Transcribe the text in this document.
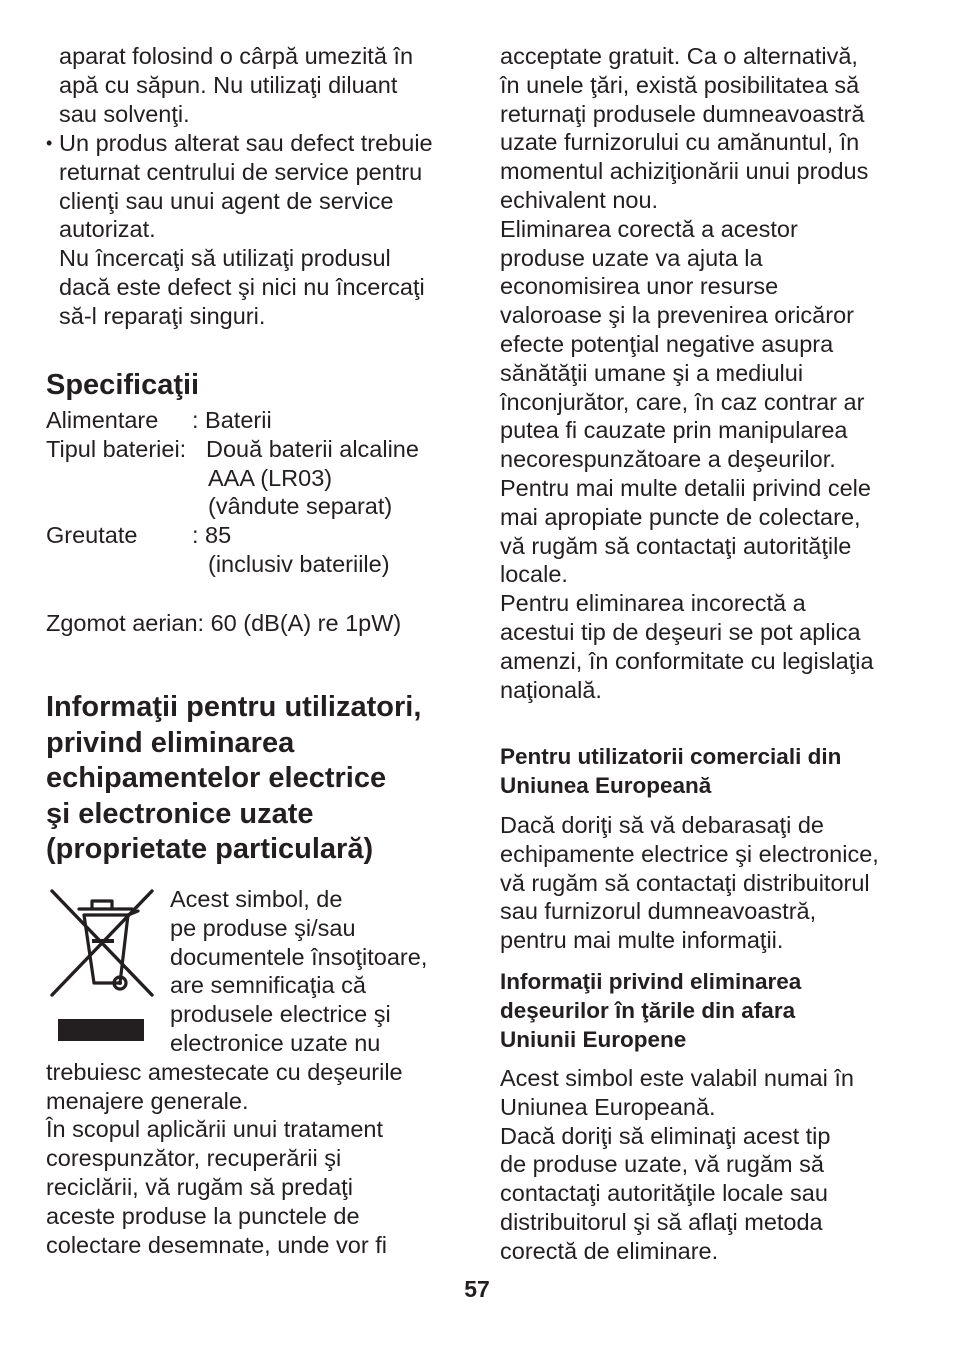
aparat folosind o cârpă umezită în

apă cu săpun. Nu utilizaţi diluant

sau solvenţi.

• Un produs alterat sau defect trebuie

returnat centrului de service pentru

clienţi sau unui agent de service

autorizat.

Nu încercaţi să utilizaţi produsul

dacă este defect şi nici nu încercaţi

să-l reparaţi singuri.

Specificaţii
Alimentare	: Baterii
Tipul bateriei: Două baterii alcaline

AAA (LR03)

(vândute separat)

Greutate	: 85

(inclusiv bateriile)

Zgomot aerian: 60 (dB(A) re 1pW)

Informaţii pentru utilizatori,
privind eliminarea
echipamentelor electrice
şi electronice uzate
(proprietate particulară)

Acest simbol, de

pe produse şi/sau

documentele însoţitoare,

are semnificaţia că

produsele electrice şi

electronice uzate nu

trebuiesc amestecate cu deşeurile

menajere generale.

În scopul aplicării unui tratament

corespunzător, recuperării şi

reciclării, vă rugăm să predaţi

aceste produse la punctele de

colectare desemnate, unde vor fi

acceptate gratuit. Ca o alternativă,

în unele ţări, există posibilitatea să

returnaţi produsele dumneavoastră

uzate furnizorului cu amănuntul, în

momentul achiziţionării unui produs

echivalent nou.

Eliminarea corectă a acestor

produse uzate va ajuta la

economisirea unor resurse

valoroase şi la prevenirea oricăror

efecte potenţial negative asupra

sănătăţii umane şi a mediului

înconjurător, care, în caz contrar ar

putea fi cauzate prin manipularea

necorespunzătoare a deşeurilor.

Pentru mai multe detalii privind cele

mai apropiate puncte de colectare,

vă rugăm să contactaţi autorităţile

locale.

Pentru eliminarea incorectă a

acestui tip de deşeuri se pot aplica

amenzi, în conformitate cu legislaţia

naţională.

Pentru utilizatorii comerciali din
Uniunea Europeană

Dacă doriţi să vă debarasaţi de

echipamente electrice şi electronice,

vă rugăm să contactaţi distribuitorul

sau furnizorul dumneavoastră,

pentru mai multe informaţii.

Informaţii privind eliminarea
deşeurilor în ţările din afara
Uniunii Europene

Acest simbol este valabil numai în

Uniunea Europeană.

Dacă doriţi să eliminaţi acest tip

de produse uzate, vă rugăm să

contactaţi autorităţile locale sau

distribuitorul şi să aflaţi metoda

corectă de eliminare.

57
